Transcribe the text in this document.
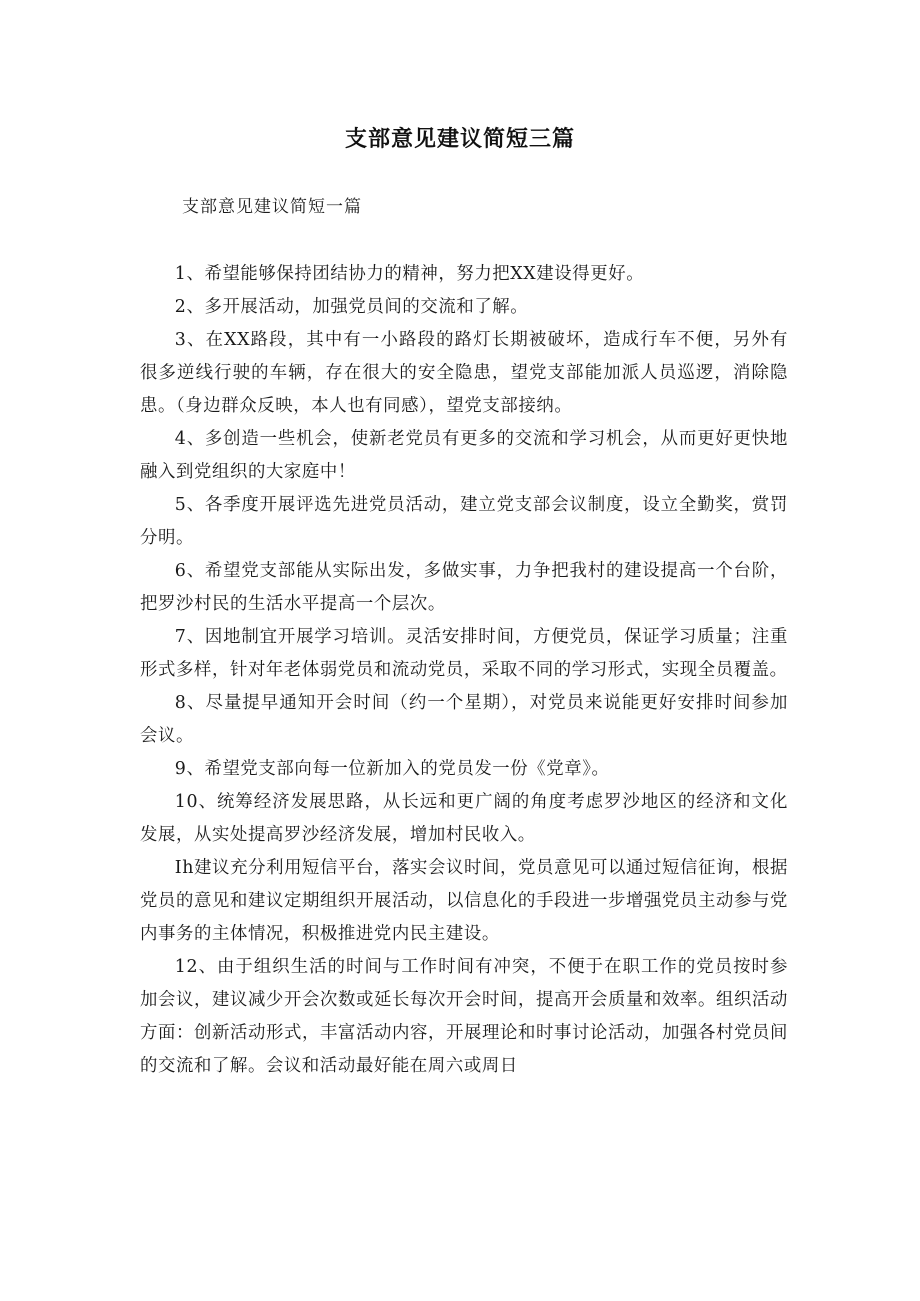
支部意见建议简短三篇

支部意见建议简短一篇

1、希望能够保持团结协力的精神，努力把XX建设得更好。

2、多开展活动，加强党员间的交流和了解。

3、在XX路段，其中有一小路段的路灯长期被破坏，造成行车不便，另外有很多逆线行驶的车辆，存在很大的安全隐患，望党支部能加派人员巡逻，消除隐患。（身边群众反映，本人也有同感），望党支部接纳。

4、多创造一些机会，使新老党员有更多的交流和学习机会，从而更好更快地融入到党组织的大家庭中！

5、各季度开展评选先进党员活动，建立党支部会议制度，设立全勤奖，赏罚分明。

6、希望党支部能从实际出发，多做实事，力争把我村的建设提高一个台阶，把罗沙村民的生活水平提高一个层次。

7、因地制宜开展学习培训。灵活安排时间，方便党员，保证学习质量；注重形式多样，针对年老体弱党员和流动党员，采取不同的学习形式，实现全员覆盖。

8、尽量提早通知开会时间（约一个星期），对党员来说能更好安排时间参加会议。

9、希望党支部向每一位新加入的党员发一份《党章》。

10、统筹经济发展思路，从长远和更广阔的角度考虑罗沙地区的经济和文化发展，从实处提高罗沙经济发展，增加村民收入。

Ih建议充分利用短信平台，落实会议时间，党员意见可以通过短信征询，根据党员的意见和建议定期组织开展活动，以信息化的手段进一步增强党员主动参与党内事务的主体情况，积极推进党内民主建设。

12、由于组织生活的时间与工作时间有冲突，不便于在职工作的党员按时参加会议，建议减少开会次数或延长每次开会时间，提高开会质量和效率。组织活动方面：创新活动形式，丰富活动内容，开展理论和时事讨论活动，加强各村党员间的交流和了解。会议和活动最好能在周六或周日
